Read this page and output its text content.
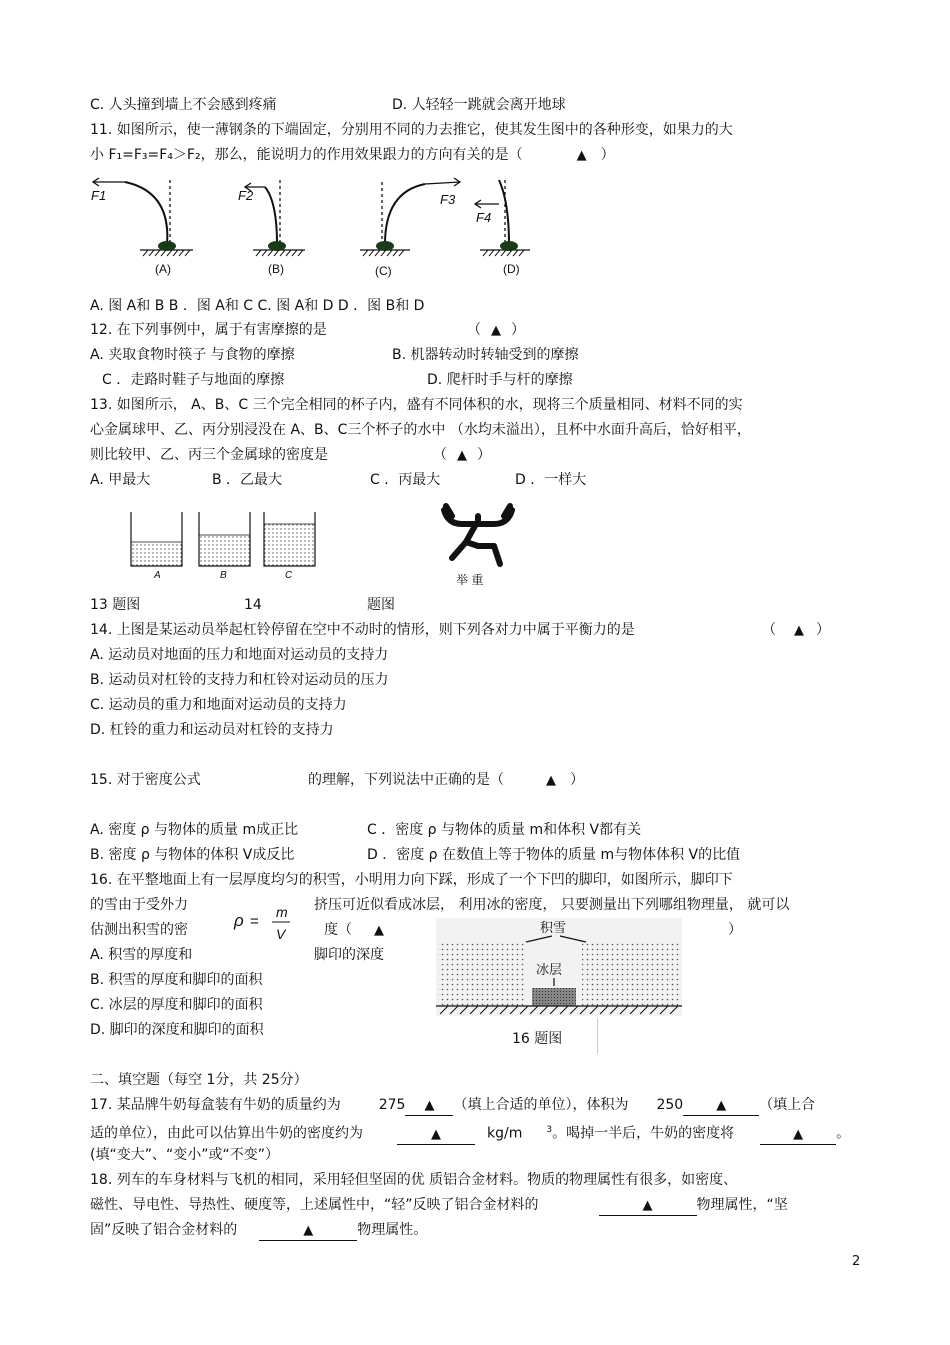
C. 人头撞到墙上不会感到疼痛	D. 人轻轻一跳就会离开地球
11. 如图所示，使一薄钢条的下端固定，分别用不同的力去推它，使其发生图中的各种形变，如果力的大
小 F₁=F₃=F₄＞F₂，那么，能说明力的作用效果跟力的方向有关的是（	▲ ）
F1	F2	F3
F4
(A)	(B)	(C)	(D)
A. 图 A和 B B ．图 A和 C C. 图 A和 D D ．图 B和 D
12. 在下列事例中，属于有害摩擦的是	（ ▲ ）
A. 夹取食物时筷子 与食物的摩擦	B. 机器转动时转轴受到的摩擦
C ．走路时鞋子与地面的摩擦	D. 爬杆时手与杆的摩擦
13. 如图所示， A、B、C 三个完全相同的杯子内，盛有不同体积的水，现将三个质量相同、材料不同的实
心金属球甲、乙、丙分别浸没在 A、B、C三个杯子的水中 （水均未溢出），且杯中水面升高后，恰好相平，
则比较甲、乙、丙三个金属球的密度是	（ ▲ ）
A. 甲最大	B ．乙最大	C ．丙最大	D ．一样大
A	B	C	举 重
13 题图	14	题图
14. 上图是某运动员举起杠铃停留在空中不动时的情形，则下列各对力中属于平衡力的是	（ ▲ ）
A. 运动员对地面的压力和地面对运动员的支持力
B. 运动员对杠铃的支持力和杠铃对运动员的压力
C. 运动员的重力和地面对运动员的支持力
D. 杠铃的重力和运动员对杠铃的支持力
15. 对于密度公式	的理解，下列说法中正确的是（	▲ ）
A. 密度 ρ 与物体的质量 m成正比	C ．密度 ρ 与物体的质量 m和体积 V都有关
B. 密度 ρ 与物体的体积 V成反比	D ．密度 ρ 在数值上等于物体的质量 m与物体体积 V的比值
16. 在平整地面上有一层厚度均匀的积雪，小明用力向下踩，形成了一个下凹的脚印，如图所示，脚印下
的雪由于受外力	挤压可近似看成冰层， 利用冰的密度， 只要测量出下列哪组物理量， 就可以
估测出积雪的密	ρ =
m
V	度（ ▲	）
A. 积雪的厚度和	脚印的深度
B. 积雪的厚度和脚印的面积
C. 冰层的厚度和脚印的面积
D. 脚印的深度和脚印的面积
积雪
冰层
16 题图
二、填空题（每空 1分，共 25分）
17. 某品牌牛奶每盒装有牛奶的质量约为	275 ▲ （填上合适的单位），体积为 250	▲ （填上合
适的单位），由此可以估算出牛奶的密度约为	▲	kg/m	$^3$。喝掉一半后，牛奶的密度将	▲ 。
(填“变大”、“变小”或“不变”）
18. 列车的车身材料与飞机的相同，采用轻但坚固的优 质铝合金材料。物质的物理属性有很多，如密度、
磁性、导电性、导热性、硬度等，上述属性中，“轻”反映了铝合金材料的	▲	物理属性，“坚
固”反映了铝合金材料的	▲	物理属性。
2
